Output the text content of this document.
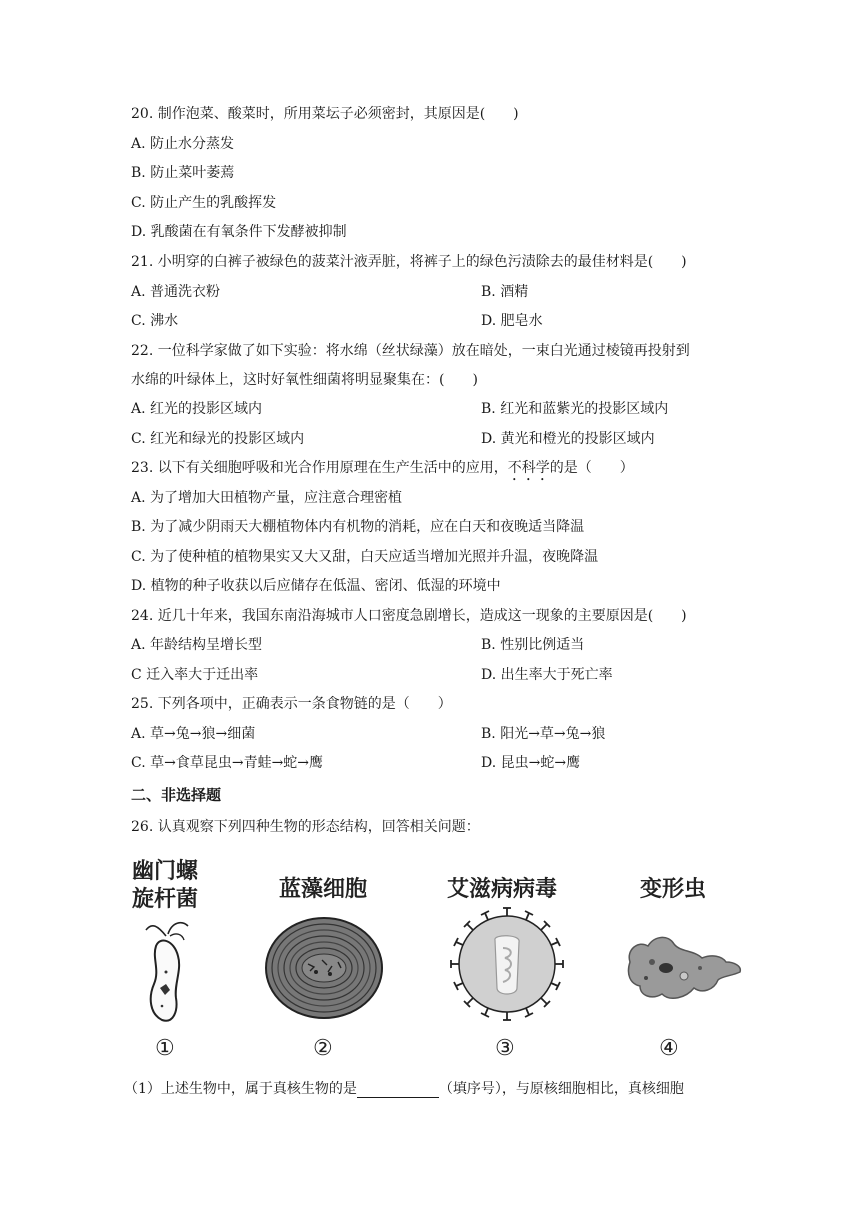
20. 制作泡菜、酸菜时，所用菜坛子必须密封，其原因是(　　)
A. 防止水分蒸发
B. 防止菜叶萎蔫
C. 防止产生的乳酸挥发
D. 乳酸菌在有氧条件下发酵被抑制
21. 小明穿的白裤子被绿色的菠菜汁液弄脏，将裤子上的绿色污渍除去的最佳材料是(　　)
A. 普通洗衣粉	B. 酒精
C. 沸水	D. 肥皂水
22. 一位科学家做了如下实验：将水绵（丝状绿藻）放在暗处，一束白光通过棱镜再投射到
水绵的叶绿体上，这时好氧性细菌将明显聚集在：(　　)
A. 红光的投影区域内	B. 红光和蓝紫光的投影区域内
C. 红光和绿光的投影区域内	D. 黄光和橙光的投影区域内
23. 以下有关细胞呼吸和光合作用原理在生产生活中的应用，不科学的是（　　）
A. 为了增加大田植物产量，应注意合理密植
B. 为了减少阴雨天大棚植物体内有机物的消耗，应在白天和夜晚适当降温
C. 为了使种植的植物果实又大又甜，白天应适当增加光照并升温，夜晚降温
D. 植物的种子收获以后应储存在低温、密闭、低湿的环境中
24. 近几十年来，我国东南沿海城市人口密度急剧增长，造成这一现象的主要原因是(　　)
A. 年龄结构呈增长型	B. 性别比例适当
C 迁入率大于迁出率	D. 出生率大于死亡率
25. 下列各项中，正确表示一条食物链的是（　　）
A. 草→兔→狼→细菌	B. 阳光→草→兔→狼
C. 草→食草昆虫→青蛙→蛇→鹰	D. 昆虫→蛇→鹰
二、非选择题
26. 认真观察下列四种生物的形态结构，回答相关问题：
幽门螺
旋杆菌	蓝藻细胞	艾滋病病毒	变形虫
①	②	③	④
（1）上述生物中，属于真核生物的是	（填序号），与原核细胞相比，真核细胞
